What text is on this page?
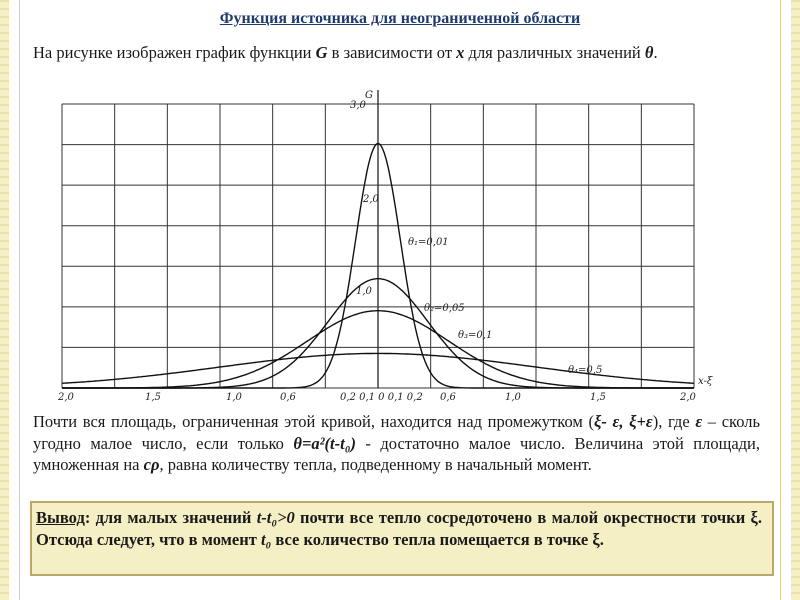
Функция источника для неограниченной области
На рисунке изображен график функции G в зависимости от x для различных значений θ.
3,0
G
2,0
1,0
2,0	1,5	1,0	0,6	0,2 0,1 0 0,1 0,2 0,6	1,0	1,5	2,0
x-ξ
θ₁=0,01
θ₂=0,05
θ₃=0,1
θ₄=0,5
Почти вся площадь, ограниченная этой кривой, находится над промежутком (ξ- ε, ξ+ε), где ε – сколь угодно малое число, если только θ=a²(t-t₀) - достаточно малое число. Величина этой площади, умноженная на cρ, равна количеству тепла, подведенному в начальный момент.
Вывод: для малых значений t-t₀>0 почти все тепло сосредоточено в малой окрестности точки ξ. Отсюда следует, что в момент t₀ все количество тепла помещается в точке ξ.
